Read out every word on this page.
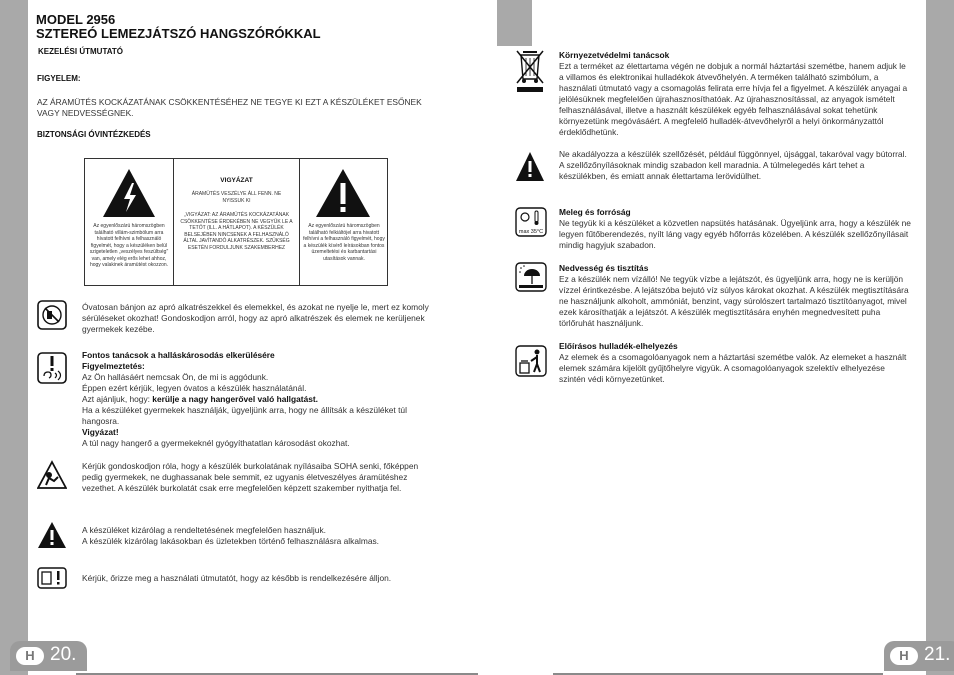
MODEL 2956
SZTEREÓ LEMEZJÁTSZÓ HANGSZÓRÓKKAL
KEZELÉSI ÚTMUTATÓ
FIGYELEM:
AZ ÁRAMÜTÉS KOCKÁZATÁNAK CSÖKKENTÉSÉHEZ NE TEGYE KI EZT A KÉSZÜLÉKET ESŐNEK VAGY NEDVESSÉGNEK.
BIZTONSÁGI ÓVINTÉZKEDÉS
Az egyenlőszárú háromszögben található villám-szimbólum arra hívatott felhívni a felhasználó figyelmét, hogy a készüléken belül szigeteletlen „veszélyes feszültség" van, amely elég erős lehet ahhoz, hogy valakinek áramütést okozzon.
VIGYÁZAT
ÁRAMÜTÉS VESZÉLYE ÁLL FENN. NE NYISSUK KI
„VIGYÁZAT: AZ ÁRAMÜTÉS KOCKÁZATÁNAK CSÖKKENTÉSE ÉRDEKÉBEN NE VEGYÜK LE A TETŐT (ILL. A HÁTLAPOT). A KÉSZÜLÉK BELSEJÉBEN NINCSENEK A FELHASZNÁLÓ ÁLTAL JAVÍTANDÓ ALKATRÉSZEK. SZÜKSÉG ESETÉN FORDULJUNK SZAKEMBERHEZ
Az egyenlőszárú háromszögben található felkiáltójel arra hivatott felhívni a felhasználó figyelmét, hogy a készülék kísérő leírásokban fontos üzemeltetési és karbantartási utasítások vannak.
Óvatosan bánjon az apró alkatrészekkel és elemekkel, és azokat ne nyelje le, mert ez komoly sérüléseket okozhat! Gondoskodjon arról, hogy az apró alkatrészek és elemek ne kerüljenek gyermekek kezébe.
Fontos tanácsok a halláskárosodás elkerülésére
Figyelmeztetés:
Az Ön hallásáért nemcsak Ön, de mi is aggódunk.
Éppen ezért kérjük, legyen óvatos a készülék használatánál.
Azt ajánljuk, hogy: kerülje a nagy hangerővel való hallgatást.
Ha a készüléket gyermekek használják, ügyeljünk arra, hogy ne állítsák a készüléket túl hangosra.
Vigyázat!
A túl nagy hangerő a gyermekeknél gyógyíthatatlan károsodást okozhat.
Kérjük gondoskodjon róla, hogy a készülék burkolatának nyílásaiba SOHA senki, főképpen pedig gyermekek, ne dughassanak bele semmit, ez ugyanis életveszélyes áramütéshez vezethet. A készülék burkolatát csak erre megfelelően képzett szakember nyithatja fel.
A készüléket kizárólag a rendeltetésének megfelelően használjuk.
A készülék kizárólag lakásokban és üzletekben történő felhasználásra alkalmas.
Kérjük, őrizze meg a használati útmutatót, hogy az később is rendelkezésére álljon.
H 20.
Környezetvédelmi tanácsok
Ezt a terméket az élettartama végén ne dobjuk a normál háztartási szemétbe, hanem adjuk le a villamos és elektronikai hulladékok átvevőhelyén. A terméken található szimbólum, a használati útmutató vagy a csomagolás felirata erre hívja fel a figyelmet. A készülék anyagai a jelölésüknek megfelelően újrahasznosíthatóak. Az újrahasznosítással, az anyagok ismételt felhasználásával, illetve a használt készülékek egyéb felhasználásával sokat tehetünk környezetünk megóvásáért. A megfelelő hulladék-átvevőhelyről a helyi önkormányzattól érdeklődhetünk.
Ne akadályozza a készülék szellőzését, például függönnyel, újsággal, takaróval vagy bútorral. A szellőzőnyílásoknak mindig szabadon kell maradnia. A túlmelegedés kárt tehet a készülékben, és emiatt annak élettartama lerövidülhet.
max 35°C
Meleg és forróság
Ne tegyük ki a készüléket a közvetlen napsütés hatásának. Ügyeljünk arra, hogy a készülék ne legyen fűtőberendezés, nyílt láng vagy egyéb hőforrás közelében. A készülék szellőzőnyílásait mindig hagyjuk szabadon.
Nedvesség és tisztítás
Ez a készülék nem vízálló! Ne tegyük vízbe a lejátszót, és ügyeljünk arra, hogy ne is kerüljön vízzel érintkezésbe. A lejátszóba bejutó víz súlyos károkat okozhat. A készülék megtisztítására ne használjunk alkoholt, ammóniát, benzint, vagy súrolószert tartalmazó tisztítóanyagot, mivel ezek károsíthatják a lejátszót. A készülék megtisztítására enyhén megnedvesített puha törlőruhát használjunk.
Előírásos hulladék-elhelyezés
Az elemek és a csomagolóanyagok nem a háztartási szemétbe valók. Az elemeket a használt elemek számára kijelölt gyűjtőhelyre vigyük. A csomagolóanyagok szelektív elhelyezése szintén védi környezetünket.
H 21.
